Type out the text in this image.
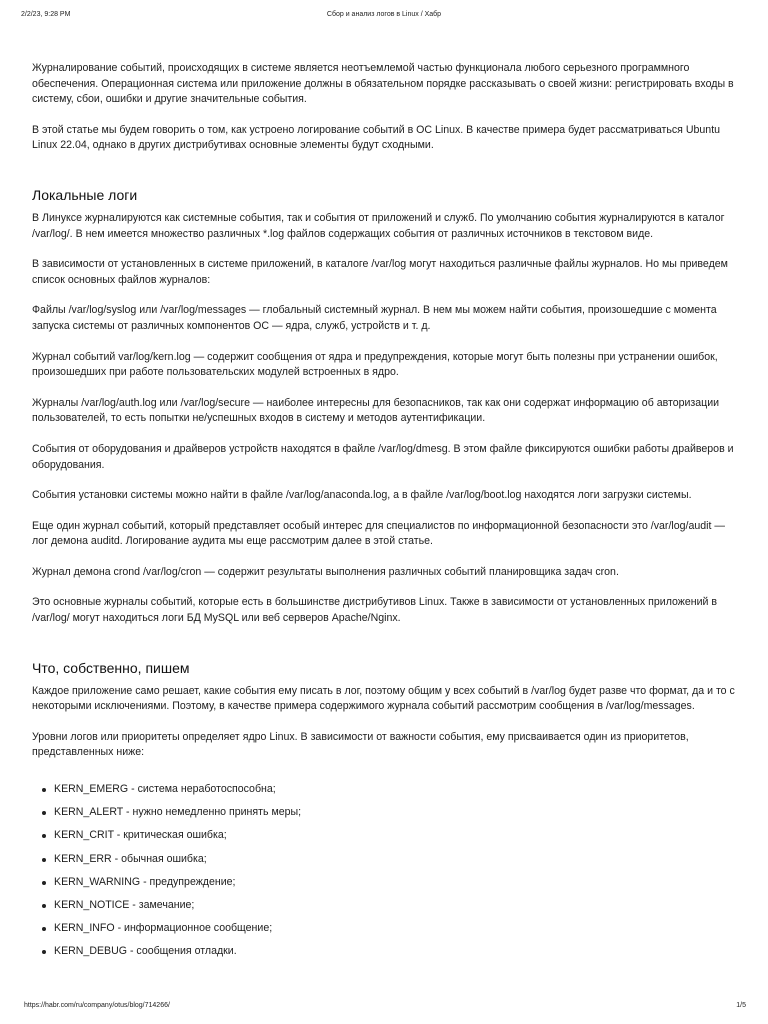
2/2/23, 9:28 PM	Сбор и анализ логов в Linux / Хабр

Журналирование событий, происходящих в системе является неотъемлемой частью функционала любого серьезного программного обеспечения. Операционная система или приложение должны в обязательном порядке рассказывать о своей жизни: регистрировать входы в систему, сбои, ошибки и другие значительные события.

В этой статье мы будем говорить о том, как устроено логирование событий в ОС Linux. В качестве примера будет рассматриваться Ubuntu Linux 22.04, однако в других дистрибутивах основные элементы будут сходными.

Локальные логи

В Линуксе журналируются как системные события, так и события от приложений и служб. По умолчанию события журналируются в каталог /var/log/. В нем имеется множество различных *.log файлов содержащих события от различных источников в текстовом виде.

В зависимости от установленных в системе приложений, в каталоге /var/log могут находиться различные файлы журналов. Но мы приведем список основных файлов журналов:

Файлы /var/log/syslog или /var/log/messages — глобальный системный журнал. В нем мы можем найти события, произошедшие с момента запуска системы от различных компонентов ОС — ядра, служб, устройств и т. д.

Журнал событий var/log/kern.log — содержит сообщения от ядра и предупреждения, которые могут быть полезны при устранении ошибок, произошедших при работе пользовательских модулей встроенных в ядро.

Журналы /var/log/auth.log или /var/log/secure — наиболее интересны для безопасников, так как они содержат информацию об авторизации пользователей, то есть попытки не/успешных входов в систему и методов аутентификации.

События от оборудования и драйверов устройств находятся в файле /var/log/dmesg. В этом файле фиксируются ошибки работы драйверов и оборудования.

События установки системы можно найти в файле /var/log/anaconda.log, а в файле /var/log/boot.log находятся логи загрузки системы.

Еще один журнал событий, который представляет особый интерес для специалистов по информационной безопасности это /var/log/audit — лог демона auditd. Логирование аудита мы еще рассмотрим далее в этой статье.

Журнал демона crond /var/log/cron — содержит результаты выполнения различных событий планировщика задач cron.

Это основные журналы событий, которые есть в большинстве дистрибутивов Linux. Также в зависимости от установленных приложений в /var/log/ могут находиться логи БД MySQL или веб серверов Apache/Nginx.

Что, собственно, пишем

Каждое приложение само решает, какие события ему писать в лог, поэтому общим у всех событий в /var/log будет разве что формат, да и то с некоторыми исключениями. Поэтому, в качестве примера содержимого журнала событий рассмотрим сообщения в /var/log/messages.

Уровни логов или приоритеты определяет ядро Linux. В зависимости от важности события, ему присваивается один из приоритетов, представленных ниже:

KERN_EMERG - система неработоспособна;
KERN_ALERT - нужно немедленно принять меры;
KERN_CRIT - критическая ошибка;
KERN_ERR - обычная ошибка;
KERN_WARNING - предупреждение;
KERN_NOTICE - замечание;
KERN_INFO - информационное сообщение;
KERN_DEBUG - сообщения отладки.
https://habr.com/ru/company/otus/blog/714266/	1/5
